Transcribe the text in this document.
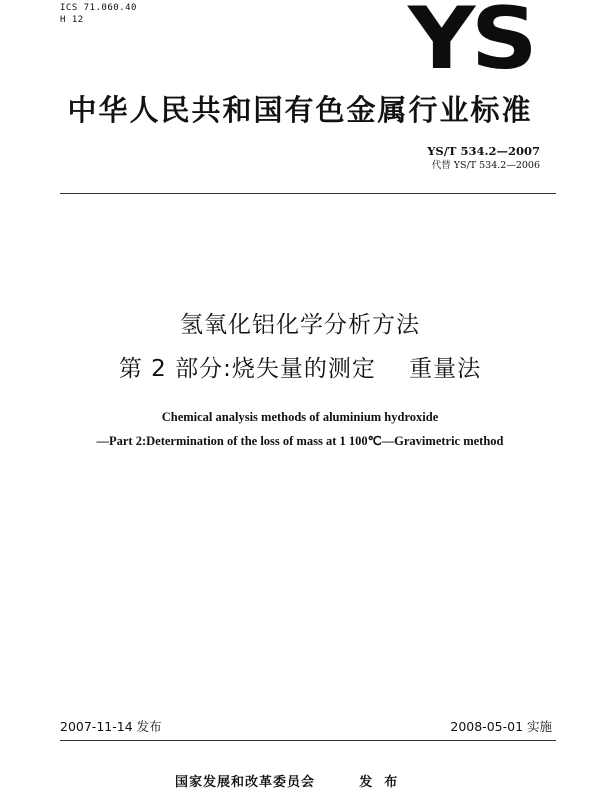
ICS 71.060.40
H 12	YS
中华人民共和国有色金属行业标准
YS/T 534.2—2007
代替 YS/T 534.2—2006
氢氧化铝化学分析方法
第 2 部分:烧失量的测定    重量法
Chemical analysis methods of aluminium hydroxide
—Part 2:Determination of the loss of mass at 1 100℃—Gravimetric method
2007-11-14 发布	2008-05-01 实施
国家发展和改革委员会        发  布
